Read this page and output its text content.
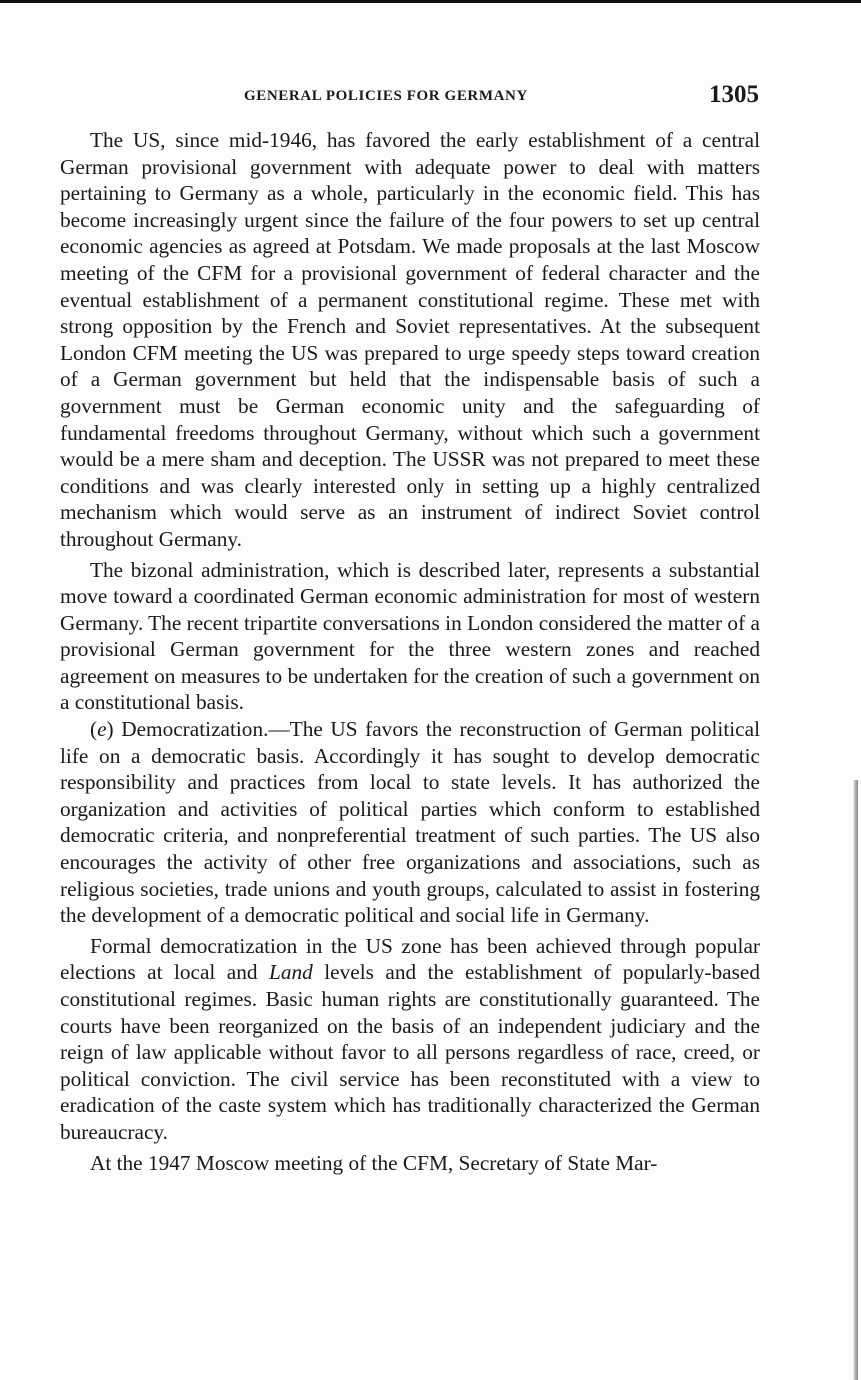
GENERAL POLICIES FOR GERMANY	1305

The US, since mid-1946, has favored the early establishment of a central German provisional government with adequate power to deal with matters pertaining to Germany as a whole, particularly in the economic field. This has become increasingly urgent since the failure of the four powers to set up central economic agencies as agreed at Potsdam. We made proposals at the last Moscow meeting of the CFM for a provisional government of federal character and the eventual establishment of a permanent constitutional regime. These met with strong opposition by the French and Soviet representatives. At the subsequent London CFM meeting the US was prepared to urge speedy steps toward creation of a German government but held that the indispensable basis of such a government must be German economic unity and the safeguarding of fundamental freedoms throughout Germany, without which such a government would be a mere sham and deception. The USSR was not prepared to meet these conditions and was clearly interested only in setting up a highly centralized mechanism which would serve as an instrument of indirect Soviet control throughout Germany.

The bizonal administration, which is described later, represents a substantial move toward a coordinated German economic administration for most of western Germany. The recent tripartite conversations in London considered the matter of a provisional German government for the three western zones and reached agreement on measures to be undertaken for the creation of such a government on a constitutional basis.

(e) Democratization.—The US favors the reconstruction of German political life on a democratic basis. Accordingly it has sought to develop democratic responsibility and practices from local to state levels. It has authorized the organization and activities of political parties which conform to established democratic criteria, and nonpreferential treatment of such parties. The US also encourages the activity of other free organizations and associations, such as religious societies, trade unions and youth groups, calculated to assist in fostering the development of a democratic political and social life in Germany.

Formal democratization in the US zone has been achieved through popular elections at local and Land levels and the establishment of popularly-based constitutional regimes. Basic human rights are constitutionally guaranteed. The courts have been reorganized on the basis of an independent judiciary and the reign of law applicable without favor to all persons regardless of race, creed, or political conviction. The civil service has been reconstituted with a view to eradication of the caste system which has traditionally characterized the German bureaucracy.

At the 1947 Moscow meeting of the CFM, Secretary of State Mar-
